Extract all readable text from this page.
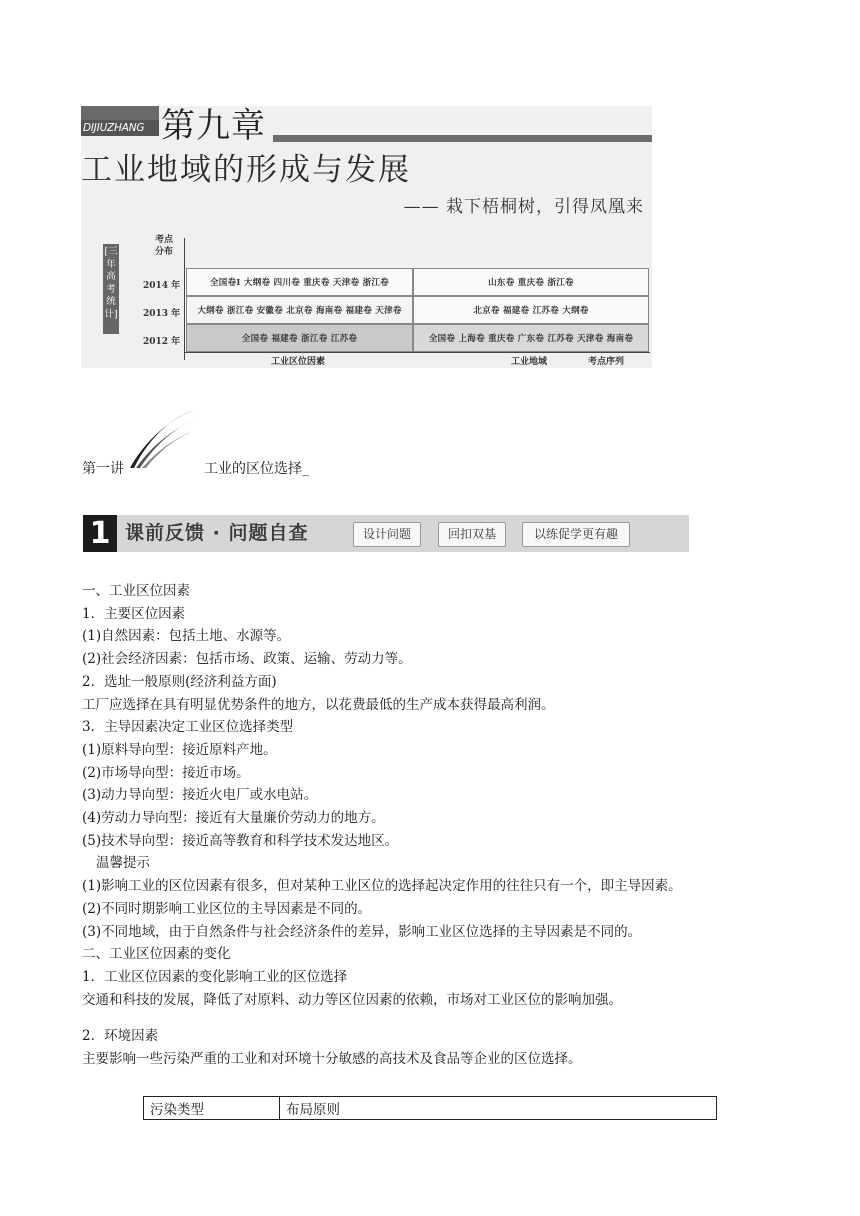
DIJIUZHANG 第九章
工业地域的形成与发展
—— 栽下梧桐树，引得凤凰来
[三年高考统计]
考点分布
2014 年	全国卷Ⅰ 大纲卷 四川卷 重庆卷 天津卷 浙江卷	山东卷 重庆卷 浙江卷
2013 年	大纲卷 浙江卷 安徽卷 北京卷 海南卷 福建卷 天津卷	北京卷 福建卷 江苏卷 大纲卷
2012 年	全国卷 福建卷 浙江卷 江苏卷	全国卷 上海卷 重庆卷 广东卷 江苏卷 天津卷 海南卷
工业区位因素	工业地域	考点序列
第一讲	工业的区位选择_
1 课前反馈 · 问题自查	设计问题	回扣双基	以练促学更有趣

一、工业区位因素

1．主要区位因素

(1)自然因素：包括土地、水源等。

(2)社会经济因素：包括市场、政策、运输、劳动力等。

2．选址一般原则(经济利益方面)

工厂应选择在具有明显优势条件的地方，以花费最低的生产成本获得最高利润。

3．主导因素决定工业区位选择类型

(1)原料导向型：接近原料产地。

(2)市场导向型：接近市场。

(3)动力导向型：接近火电厂或水电站。

(4)劳动力导向型：接近有大量廉价劳动力的地方。

(5)技术导向型：接近高等教育和科学技术发达地区。

温馨提示

(1)影响工业的区位因素有很多，但对某种工业区位的选择起决定作用的往往只有一个，即主导因素。

(2)不同时期影响工业区位的主导因素是不同的。

(3)不同地域，由于自然条件与社会经济条件的差异，影响工业区位选择的主导因素是不同的。

二、工业区位因素的变化

1．工业区位因素的变化影响工业的区位选择

交通和科技的发展，降低了对原料、动力等区位因素的依赖，市场对工业区位的影响加强。

2．环境因素

主要影响一些污染严重的工业和对环境十分敏感的高技术及食品等企业的区位选择。

污染类型	布局原则
